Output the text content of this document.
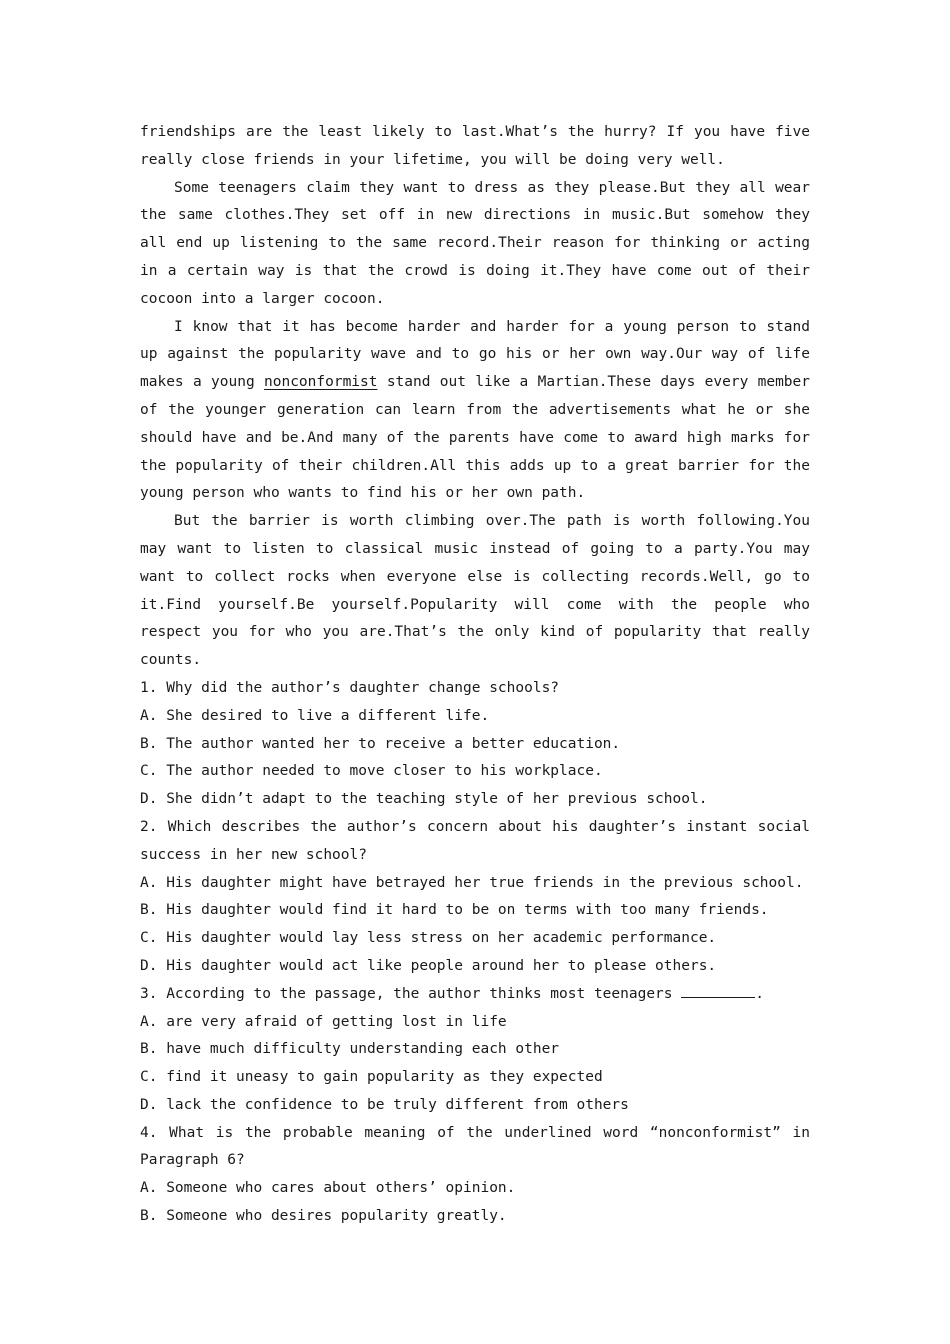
friendships are the least likely to last.What’s the hurry? If you have five really close friends in your lifetime, you will be doing very well.

Some teenagers claim they want to dress as they please.But they all wear the same clothes.They set off in new directions in music.But somehow they all end up listening to the same record.Their reason for thinking or acting in a certain way is that the crowd is doing it.They have come out of their cocoon into a larger cocoon.

I know that it has become harder and harder for a young person to stand up against the popularity wave and to go his or her own way.Our way of life makes a young nonconformist stand out like a Martian.These days every member of the younger generation can learn from the advertisements what he or she should have and be.And many of the parents have come to award high marks for the popularity of their children.All this adds up to a great barrier for the young person who wants to find his or her own path.

But the barrier is worth climbing over.The path is worth following.You may want to listen to classical music instead of going to a party.You may want to collect rocks when everyone else is collecting records.Well, go to it.Find yourself.Be yourself.Popularity will come with the people who respect you for who you are.That’s the only kind of popularity that really counts.

1. Why did the author’s daughter change schools?

A. She desired to live a different life.

B. The author wanted her to receive a better education.

C. The author needed to move closer to his workplace.

D. She didn’t adapt to the teaching style of her previous school.

2. Which describes the author’s concern about his daughter’s instant social success in her new school?

A. His daughter might have betrayed her true friends in the previous school.

B. His daughter would find it hard to be on terms with too many friends.

C. His daughter would lay less stress on her academic performance.

D. His daughter would act like people around her to please others.

3. According to the passage, the author thinks most teenagers	.

A. are very afraid of getting lost in life

B. have much difficulty understanding each other

C. find it uneasy to gain popularity as they expected

D. lack the confidence to be truly different from others

4. What is the probable meaning of the underlined word “nonconformist” in Paragraph 6?

A. Someone who cares about others’ opinion.

B. Someone who desires popularity greatly.
